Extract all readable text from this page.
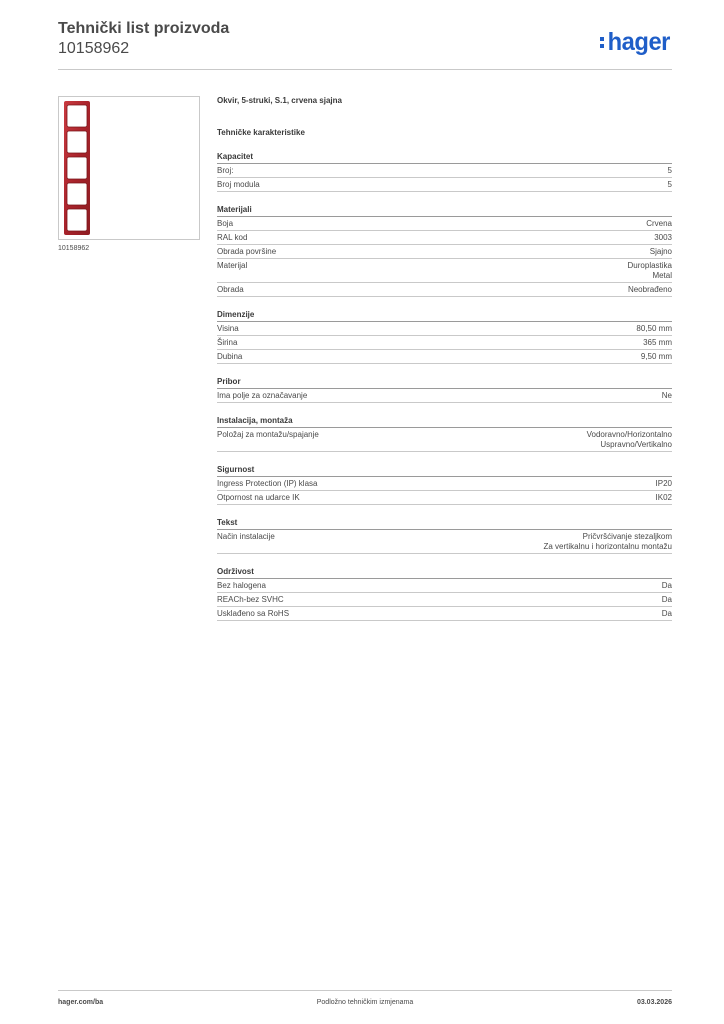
Tehnički list proizvoda
10158962	hager
10158962
Okvir, 5-struki, S.1, crvena sjajna
Tehničke karakteristike
Kapacitet
Broj:	5
Broj modula	5
Materijali
Boja	Crvena
RAL kod	3003
Obrada površine	Sjajno
Materijal	Duroplastika
Metal
Obrada	Neobrađeno
Dimenzije
Visina	80,50 mm
Širina	365 mm
Dubina	9,50 mm
Pribor
Ima polje za označavanje	Ne
Instalacija, montaža
Položaj za montažu/spajanje	Vodoravno/Horizontalno
Uspravno/Vertikalno
Sigurnost
Ingress Protection (IP) klasa	IP20
Otpornost na udarce IK	IK02
Tekst
Način instalacije	Pričvršćivanje stezaljkom
Za vertikalnu i horizontalnu montažu
Održivost
Bez halogena	Da
REACh-bez SVHC	Da
Usklađeno sa RoHS	Da
hager.com/ba	Podložno tehničkim izmjenama	03.03.2026
